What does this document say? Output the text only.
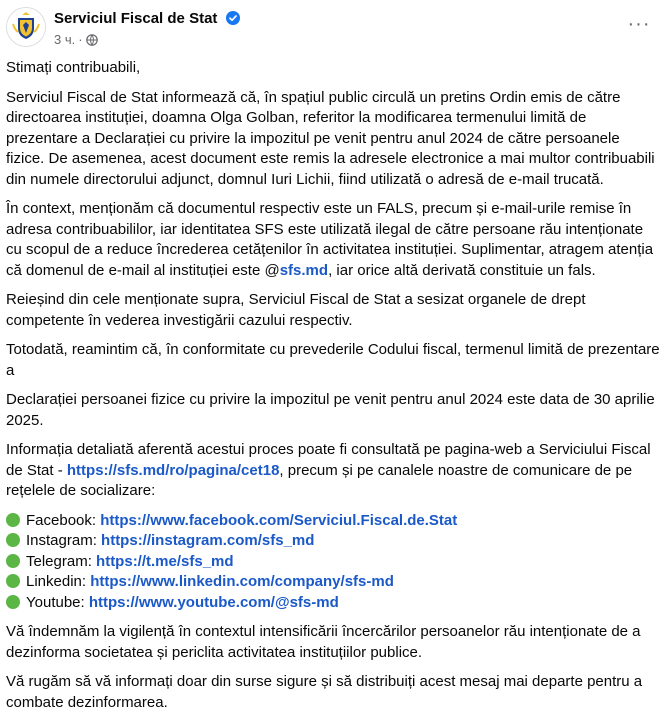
Serviciul Fiscal de Stat
3 ч. ·
···

Stimați contribuabili,

Serviciul Fiscal de Stat informează că, în spațiul public circulă un pretins Ordin emis de către directoarea instituției, doamna Olga Golban, referitor la modificarea termenului limită de prezentare a Declarației cu privire la impozitul pe venit pentru anul 2024 de către persoanele fizice. De asemenea, acest document este remis la adresele electronice a mai multor contribuabili din numele directorului adjunct, domnul Iuri Lichii, fiind utilizată o adresă de e-mail trucată.

În context, menționăm că documentul respectiv este un FALS, precum și e-mail-urile remise în adresa contribuabililor, iar identitatea SFS este utilizată ilegal de către persoane rău intenționate cu scopul de a reduce încrederea cetățenilor în activitatea instituției. Suplimentar, atragem atenția că domenul de e-mail al instituției este @sfs.md, iar orice altă derivată constituie un fals.

Reieșind din cele menționate supra, Serviciul Fiscal de Stat a sesizat organele de drept competente în vederea investigării cazului respectiv.

Totodată, reamintim că, în conformitate cu prevederile Codului fiscal, termenul limită de prezentare a

Declarației persoanei fizice cu privire la impozitul pe venit pentru anul 2024 este data de 30 aprilie 2025.

Informația detaliată aferentă acestui proces poate fi consultată pe pagina-web a Serviciului Fiscal de Stat - https://sfs.md/ro/pagina/cet18, precum și pe canalele noastre de comunicare de pe rețelele de socializare:

Facebook: https://www.facebook.com/Serviciul.Fiscal.de.Stat
Instagram: https://instagram.com/sfs_md
Telegram: https://t.me/sfs_md
Linkedin: https://www.linkedin.com/company/sfs-md
Youtube: https://www.youtube.com/@sfs-md

Vă îndemnăm la vigilență în contextul intensificării încercărilor persoanelor rău intenționate de a dezinforma societatea și periclita activitatea instituțiilor publice.

Vă rugăm să vă informați doar din surse sigure și să distribuiți acest mesaj mai departe pentru a combate dezinformarea.
